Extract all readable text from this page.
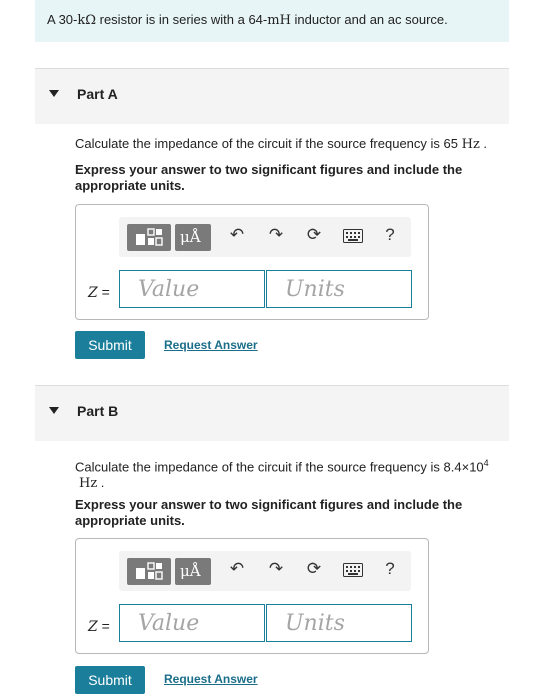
A 30-kΩ resistor is in series with a 64-mH inductor and an ac source.
Part A
Calculate the impedance of the circuit if the source frequency is 65 Hz .
Express your answer to two significant figures and include the appropriate units.
μÅ ↶ ↷ ⟳	?
Z =
Value
Units
Submit	Request Answer
Part B
Calculate the impedance of the circuit if the source frequency is $8.4\times 10^4$
Hz .
Express your answer to two significant figures and include the appropriate units.
μÅ ↶ ↷ ⟳	?
Z =
Value
Units
Submit	Request Answer
